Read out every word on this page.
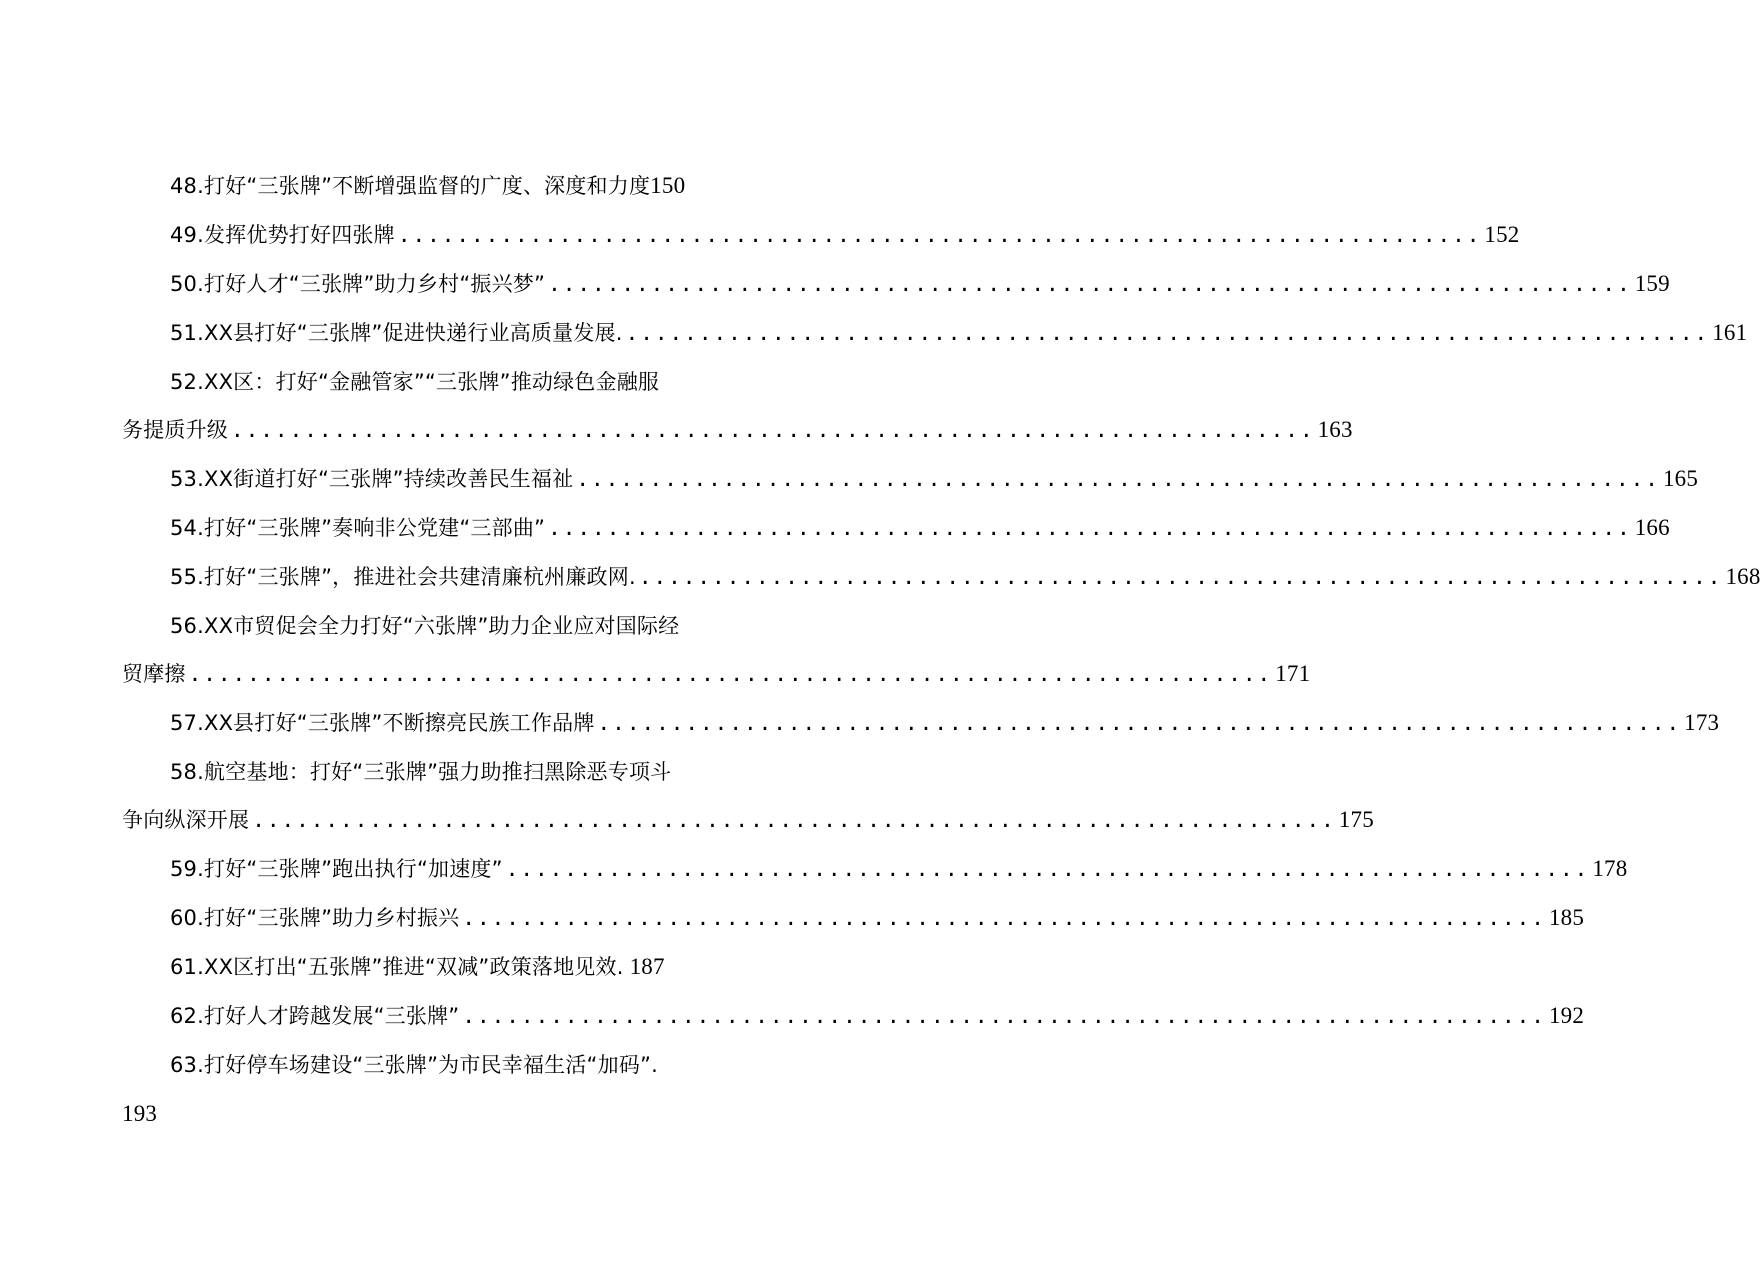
48. 打好“三张牌”不断增强监督的广度、深度和力度 150
49. 发挥优势打好四张牌 .......................................................................... 152
50. 打好人才“三张牌”助力乡村“振兴梦” .......................................................................... 159
51. XX县打好“三张牌”促进快递行业高质量发展. .......................................................................... 161
52. XX区：打好“金融管家”“三张牌”推动绿色金融服
务提质升级 .......................................................................... 163
53. XX街道打好“三张牌”持续改善民生福祉 .......................................................................... 165
54. 打好“三张牌”奏响非公党建“三部曲” .......................................................................... 166
55. 打好“三张牌”，推进社会共建清廉杭州廉政网. .......................................................................... 168
56. XX市贸促会全力打好“六张牌”助力企业应对国际经
贸摩擦 .......................................................................... 171
57. XX县打好“三张牌”不断擦亮民族工作品牌 .......................................................................... 173
58. 航空基地：打好“三张牌”强力助推扫黑除恶专项斗
争向纵深开展 .......................................................................... 175
59. 打好“三张牌”跑出执行“加速度” .......................................................................... 178
60. 打好“三张牌”助力乡村振兴 .......................................................................... 185
61. XX区打出“五张牌”推进“双减”政策落地见效. 187
62. 打好人才跨越发展“三张牌” .......................................................................... 192
63. 打好停车场建设“三张牌”为市民幸福生活“加码”.
193
